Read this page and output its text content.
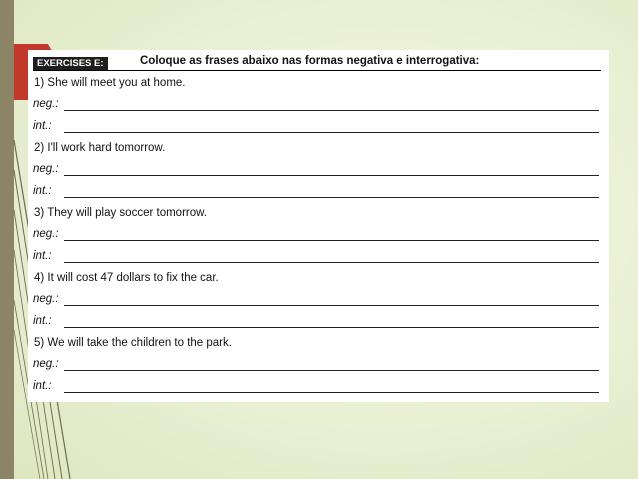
EXERCISES E:	Coloque as frases abaixo nas formas negativa e interrogativa:
1) She will meet you at home.
neg.:
int.:
2) I'll work hard tomorrow.
neg.:
int.:
3) They will play soccer tomorrow.
neg.:
int.:
4) It will cost 47 dollars to fix the car.
neg.:
int.:
5) We will take the children to the park.
neg.:
int.:
